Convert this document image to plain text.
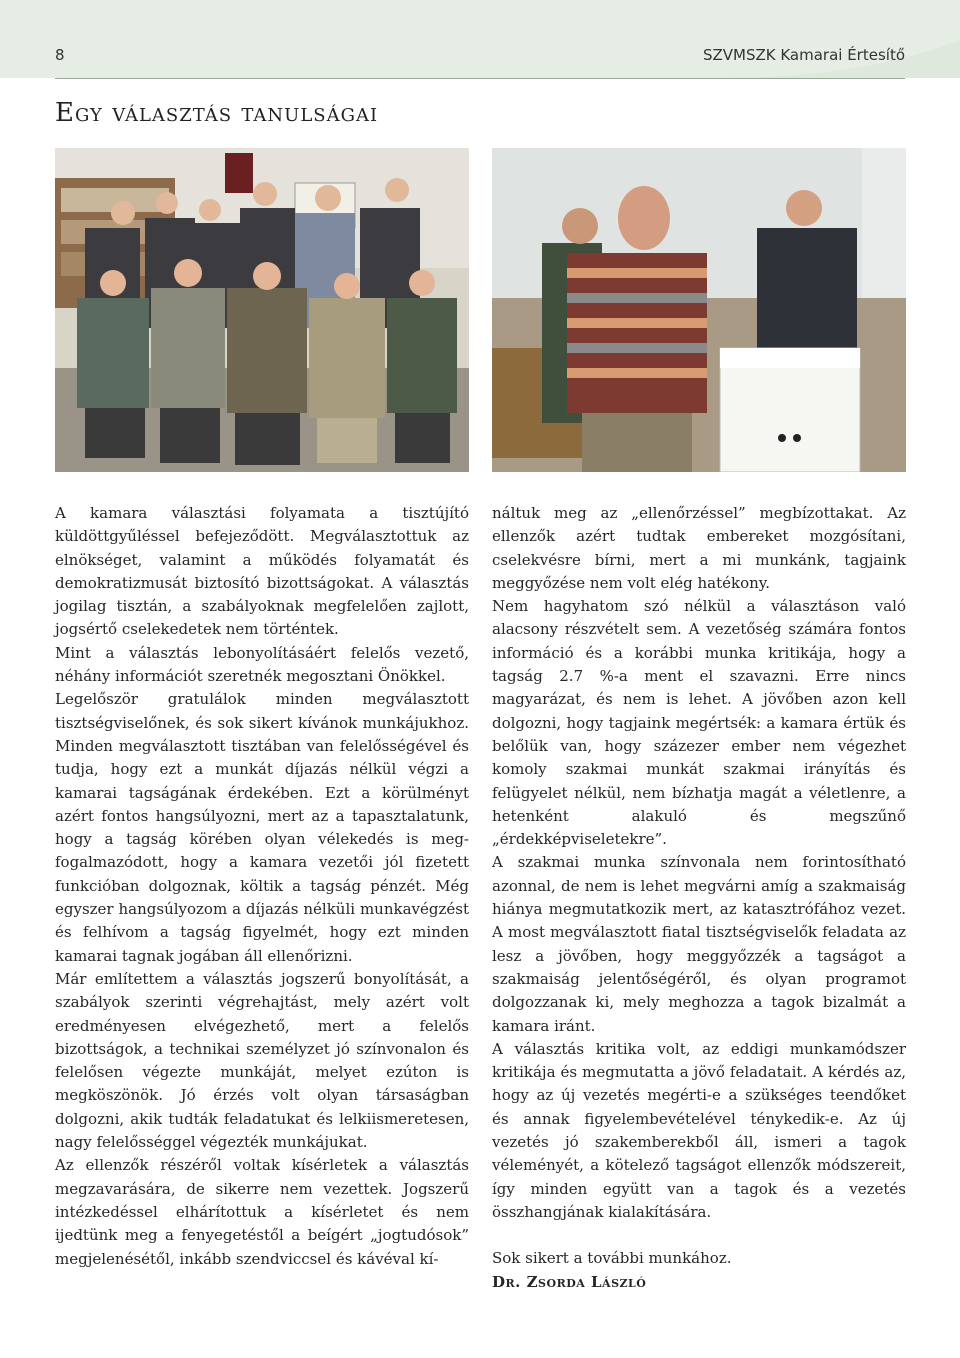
8	SZVMSZK Kamarai Értesítő
Egy választás tanulságai

A kamara választási folyamata a tisztújító küldöttgyűléssel befejeződött. Megválasztottuk az elnökséget, valamint a működés folyamatát és demokratizmusát biztosító bizottságokat. A választás jogilag tisztán, a szabályoknak megfelelően zajlott, jogsértő cselekedetek nem történtek.

Mint a választás lebonyolításáért felelős vezető, néhány információt szeretnék megosztani Önökkel.

Legelőször gratulálok minden megválasztott tisztségviselőnek, és sok sikert kívánok munkájukhoz. Minden megválasztott tisztában van felelősségével és tudja, hogy ezt a munkát díjazás nélkül végzi a kamarai tagságának érdekében. Ezt a körülményt azért fontos hangsúlyozni, mert az a tapasztalatunk, hogy a tagság körében olyan vélekedés is meg-fogalmazódott, hogy a kamara vezetői jól fizetett funkcióban dolgoznak, költik a tagság pénzét. Még egyszer hangsúlyozom a díjazás nélküli munkavégzést és felhívom a tagság figyelmét, hogy ezt minden kamarai tagnak jogában áll ellenőrizni.

Már említettem a választás jogszerű bonyolítását, a szabályok szerinti végrehajtást, mely azért volt eredményesen elvégezhető, mert a felelős bizottságok, a technikai személyzet jó színvonalon és felelősen végezte munkáját, melyet ezúton is megköszönök. Jó érzés volt olyan társaságban dolgozni, akik tudták feladatukat és lelkiismeretesen, nagy felelősséggel végezték munkájukat.

Az ellenzők részéről voltak kísérletek a választás megzavarására, de sikerre nem vezettek. Jogszerű intézkedéssel elhárítottuk a kísérletet és nem ijedtünk meg a fenyegetéstől a beígért „jogtudósok” megjelenésétől, inkább szendviccsel és kávéval kí-

náltuk meg az „ellenőrzéssel” megbízottakat. Az ellenzők azért tudtak embereket mozgósítani, cselekvésre bírni, mert a mi munkánk, tagjaink meggyőzése nem volt elég hatékony.

Nem hagyhatom szó nélkül a választáson való alacsony részvételt sem. A vezetőség számára fontos információ és a korábbi munka kritikája, hogy a tagság 2.7 %-a ment el szavazni. Erre nincs magyarázat, és nem is lehet. A jövőben azon kell dolgozni, hogy tagjaink megértsék: a kamara értük és belőlük van, hogy százezer ember nem végezhet komoly szakmai munkát szakmai irányítás és felügyelet nélkül, nem bízhatja magát a véletlenre, a hetenként alakuló és megszűnő „érdekképviseletekre”.

A szakmai munka színvonala nem forintosítható azonnal, de nem is lehet megvárni amíg a szakmaiság hiánya megmutatkozik mert, az katasztrófához vezet. A most megválasztott fiatal tisztségviselők feladata az lesz a jövőben, hogy meggyőzzék a tagságot a szakmaiság jelentőségéről, és olyan programot dolgozzanak ki, mely meghozza a tagok bizalmát a kamara iránt.

A választás kritika volt, az eddigi munkamódszer kritikája és megmutatta a jövő feladatait. A kérdés az, hogy az új vezetés megérti-e a szükséges teendőket és annak figyelembevételével ténykedik-e. Az új vezetés jó szakemberekből áll, ismeri a tagok véleményét, a kötelező tagságot ellenzők módszereit, így minden együtt van a tagok és a vezetés összhangjának kialakítására.

Sok sikert a további munkához.

Dr. Zsorda László
